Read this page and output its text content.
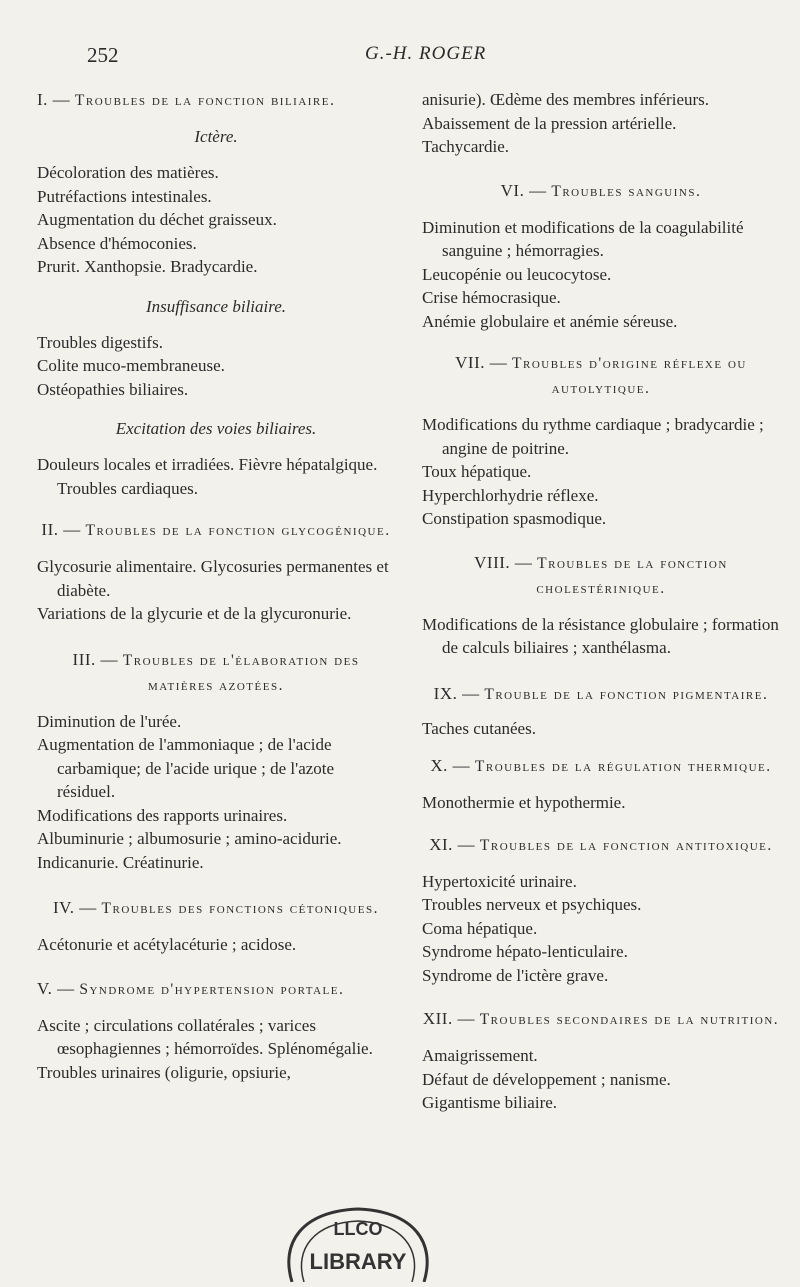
252	G.-H. ROGER

I. — Troubles de la fonction biliaire.

Ictère.

Décoloration des matières.

Putréfactions intestinales.

Augmentation du déchet graisseux.

Absence d'hémoconies.

Prurit. Xanthopsie. Bradycardie.

Insuffisance biliaire.

Troubles digestifs.

Colite muco-membraneuse.

Ostéopathies biliaires.

Excitation des voies biliaires.

Douleurs locales et irradiées. Fièvre hépatalgique. Troubles cardiaques.

II. — Troubles de la fonction glycogénique.

Glycosurie alimentaire. Glycosuries permanentes et diabète.

Variations de la glycurie et de la glycuronurie.

III. — Troubles de l'élaboration des matières azotées.

Diminution de l'urée.

Augmentation de l'ammoniaque ; de l'acide carbamique; de l'acide urique ; de l'azote résiduel.

Modifications des rapports urinaires.

Albuminurie ; albumosurie ; amino-acidurie.

Indicanurie. Créatinurie.

IV. — Troubles des fonctions cétoniques.

Acétonurie et acétylacéturie ; acidose.

V. — Syndrome d'hypertension portale.

Ascite ; circulations collatérales ; varices œsophagiennes ; hémorroïdes. Splénomégalie.

Troubles urinaires (oligurie, opsiurie,

anisurie). Œdème des membres inférieurs.

Abaissement de la pression artérielle.

Tachycardie.

VI. — Troubles sanguins.

Diminution et modifications de la coagulabilité sanguine ; hémorragies.

Leucopénie ou leucocytose.

Crise hémocrasique.

Anémie globulaire et anémie séreuse.

VII. — Troubles d'origine réflexe ou autolytique.

Modifications du rythme cardiaque ; bradycardie ; angine de poitrine.

Toux hépatique.

Hyperchlorhydrie réflexe.

Constipation spasmodique.

VIII. — Troubles de la fonction cholestérinique.

Modifications de la résistance globulaire ; formation de calculs biliaires ; xanthélasma.

IX. — Trouble de la fonction pigmentaire.

Taches cutanées.

X. — Troubles de la régulation thermique.

Monothermie et hypothermie.

XI. — Troubles de la fonction antitoxique.

Hypertoxicité urinaire.

Troubles nerveux et psychiques.

Coma hépatique.

Syndrome hépato-lenticulaire.

Syndrome de l'ictère grave.

XII. — Troubles secondaires de la nutrition.

Amaigrissement.

Défaut de développement ; nanisme.

Gigantisme biliaire.

LLCO
LIBRARY
